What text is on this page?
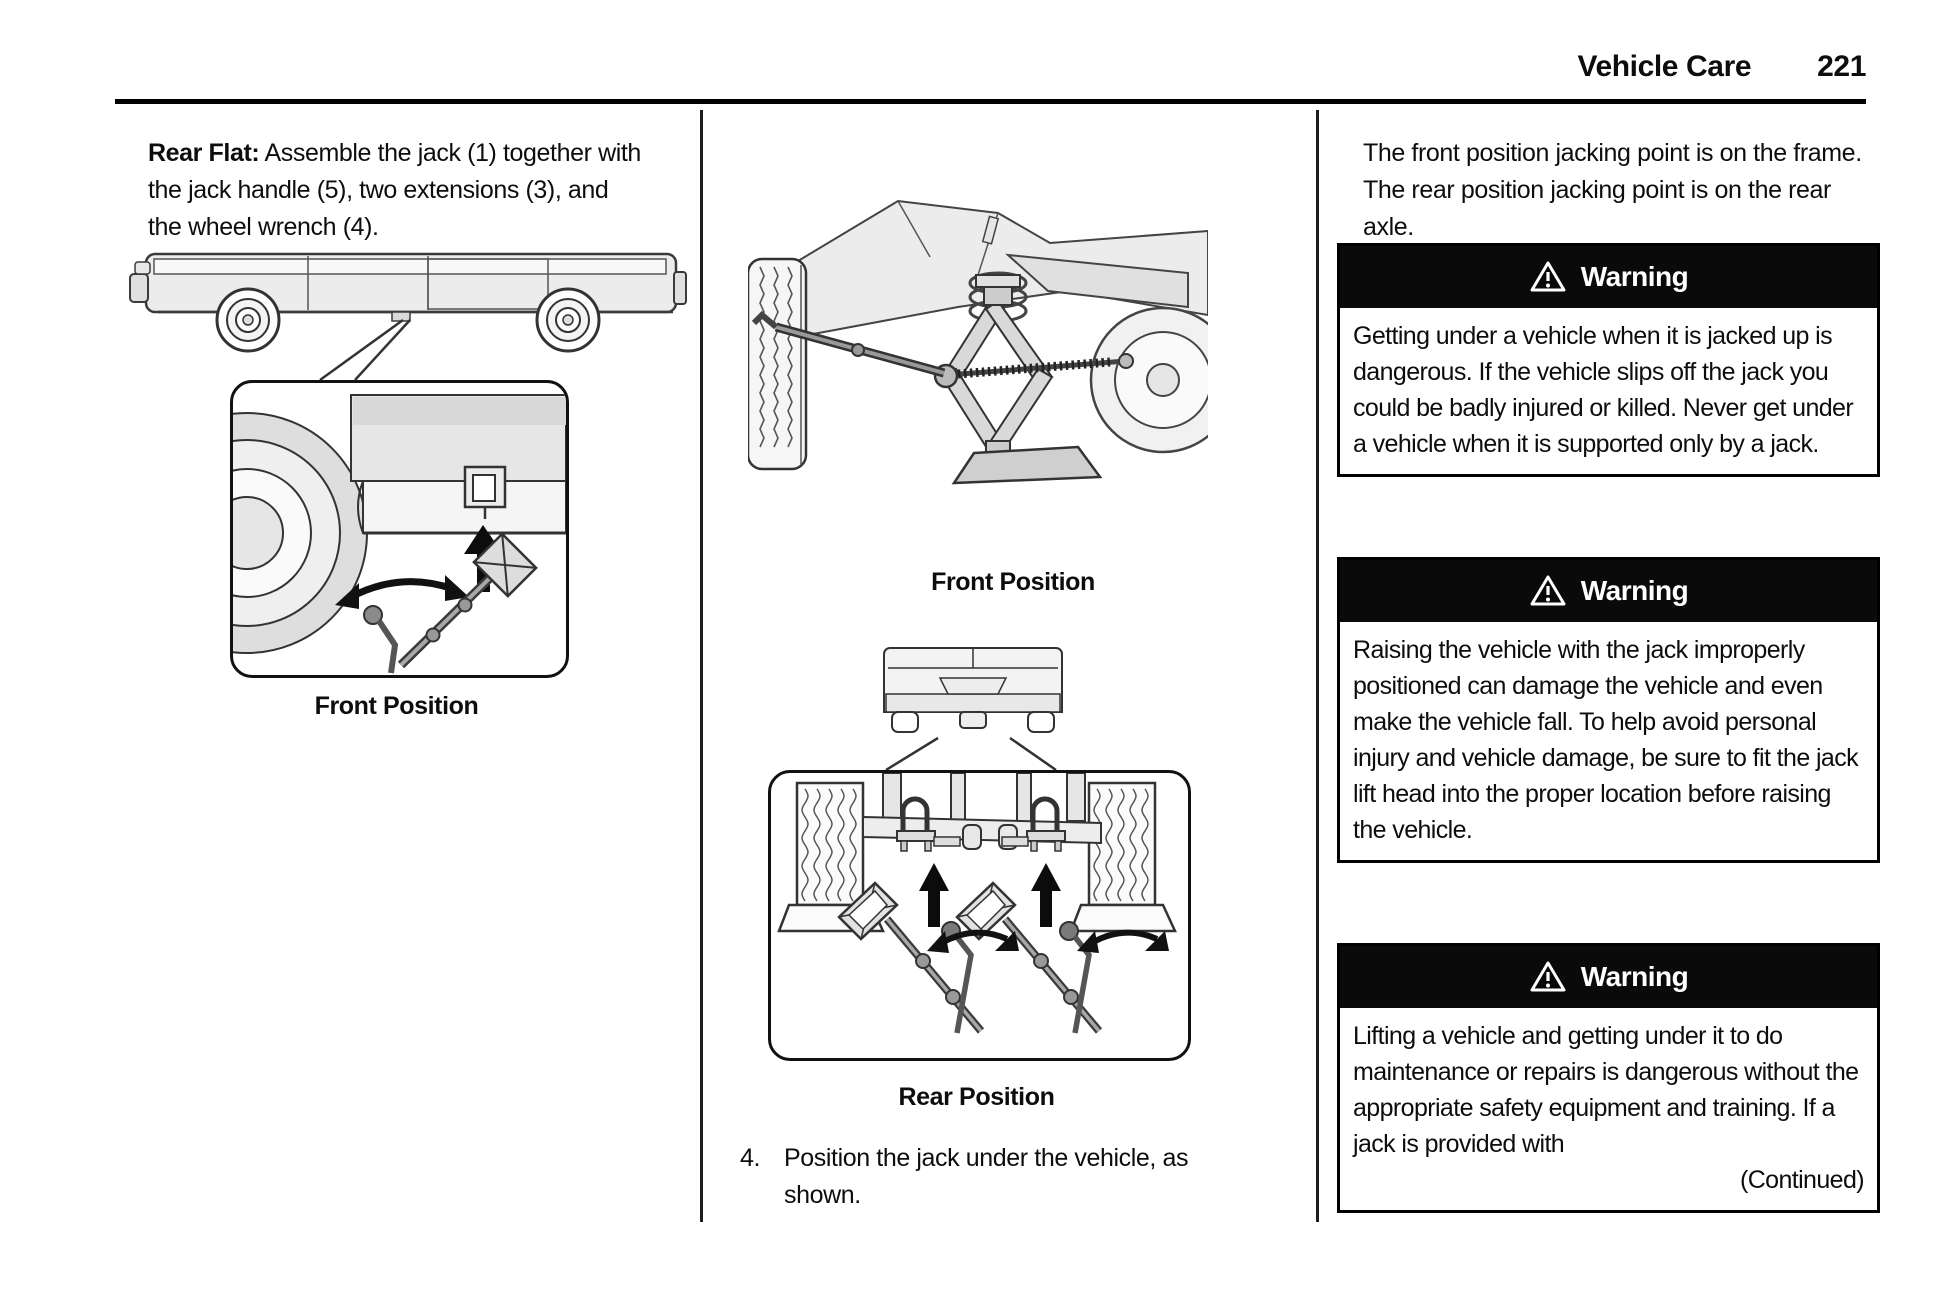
Vehicle Care 221

Rear Flat: Assemble the jack (1) together with the jack handle (5), two extensions (3), and the wheel wrench (4).

Front Position
Front Position
Rear Position
4. Position the jack under the vehicle, as shown.

The front position jacking point is on the frame. The rear position jacking point is on the rear axle.

Warning
Getting under a vehicle when it is jacked up is dangerous. If the vehicle slips off the jack you could be badly injured or killed. Never get under a vehicle when it is supported only by a jack.
Warning
Raising the vehicle with the jack improperly positioned can damage the vehicle and even make the vehicle fall. To help avoid personal injury and vehicle damage, be sure to fit the jack lift head into the proper location before raising the vehicle.
Warning
Lifting a vehicle and getting under it to do maintenance or repairs is dangerous without the appropriate safety equipment and training. If a jack is provided with
(Continued)
